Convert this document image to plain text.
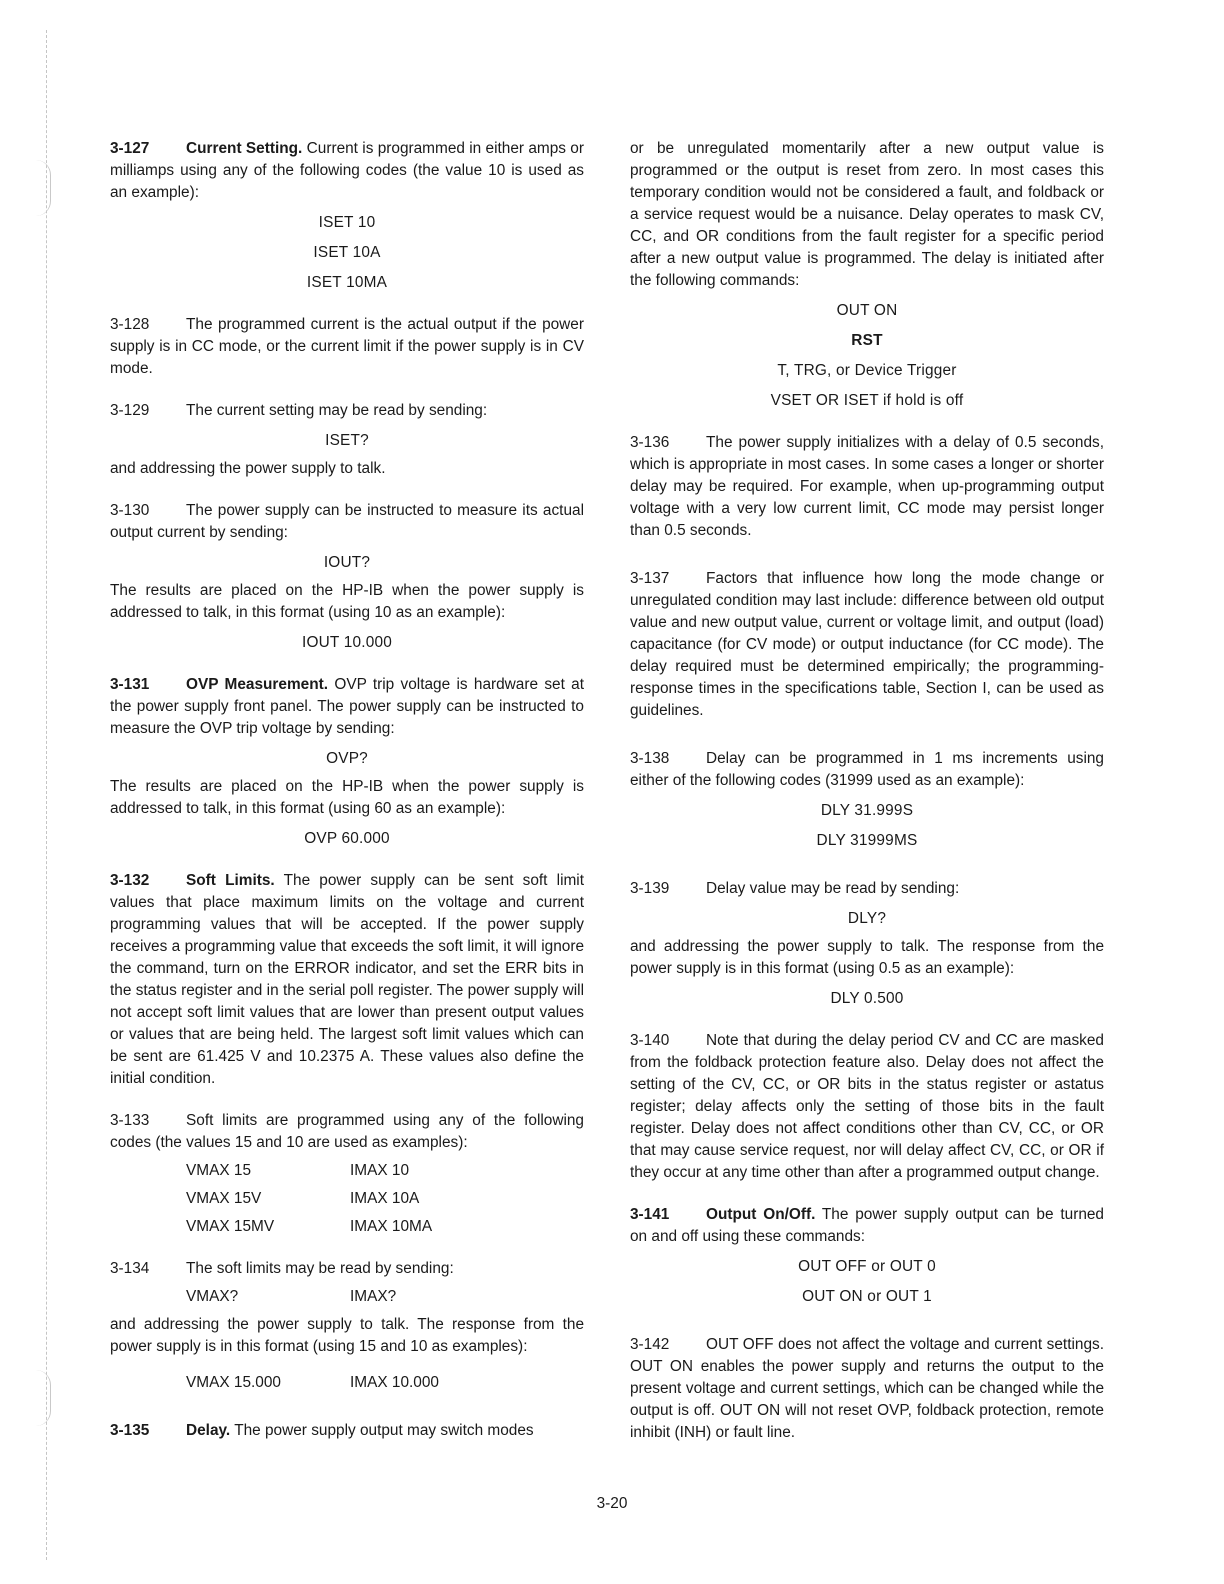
3-127 Current Setting. Current is programmed in either amps or milliamps using any of the following codes (the value 10 is used as an example):

ISET 10

ISET 10A

ISET 10MA

3-128 The programmed current is the actual output if the power supply is in CC mode, or the current limit if the power supply is in CV mode.

3-129 The current setting may be read by sending:

ISET?

and addressing the power supply to talk.

3-130 The power supply can be instructed to measure its actual output current by sending:

IOUT?

The results are placed on the HP-IB when the power supply is addressed to talk, in this format (using 10 as an example):

IOUT 10.000

3-131 OVP Measurement. OVP trip voltage is hardware set at the power supply front panel. The power supply can be instructed to measure the OVP trip voltage by sending:

OVP?

The results are placed on the HP-IB when the power supply is addressed to talk, in this format (using 60 as an example):

OVP 60.000

3-132 Soft Limits. The power supply can be sent soft limit values that place maximum limits on the voltage and current programming values that will be accepted. If the power supply receives a programming value that exceeds the soft limit, it will ignore the command, turn on the ERROR indicator, and set the ERR bits in the status register and in the serial poll register. The power supply will not accept soft limit values that are lower than present output values or values that are being held. The largest soft limit values which can be sent are 61.425 V and 10.2375 A. These values also define the initial condition.

3-133 Soft limits are programmed using any of the following codes (the values 15 and 10 are used as examples):

VMAX 15	IMAX 10
VMAX 15V	IMAX 10A
VMAX 15MV	IMAX 10MA

3-134 The soft limits may be read by sending:

VMAX?	IMAX?

and addressing the power supply to talk. The response from the power supply is in this format (using 15 and 10 as examples):

VMAX 15.000	IMAX 10.000

3-135 Delay. The power supply output may switch modes

or be unregulated momentarily after a new output value is programmed or the output is reset from zero. In most cases this temporary condition would not be considered a fault, and foldback or a service request would be a nuisance. Delay operates to mask CV, CC, and OR conditions from the fault register for a specific period after a new output value is programmed. The delay is initiated after the following commands:

OUT ON

RST

T, TRG, or Device Trigger

VSET OR ISET if hold is off

3-136 The power supply initializes with a delay of 0.5 seconds, which is appropriate in most cases. In some cases a longer or shorter delay may be required. For example, when up-programming output voltage with a very low current limit, CC mode may persist longer than 0.5 seconds.

3-137 Factors that influence how long the mode change or unregulated condition may last include: difference between old output value and new output value, current or voltage limit, and output (load) capacitance (for CV mode) or output inductance (for CC mode). The delay required must be determined empirically; the programming-response times in the specifications table, Section I, can be used as guidelines.

3-138 Delay can be programmed in 1 ms increments using either of the following codes (31999 used as an example):

DLY 31.999S

DLY 31999MS

3-139 Delay value may be read by sending:

DLY?

and addressing the power supply to talk. The response from the power supply is in this format (using 0.5 as an example):

DLY 0.500

3-140 Note that during the delay period CV and CC are masked from the foldback protection feature also. Delay does not affect the setting of the CV, CC, or OR bits in the status register or astatus register; delay affects only the setting of those bits in the fault register. Delay does not affect conditions other than CV, CC, or OR that may cause service request, nor will delay affect CV, CC, or OR if they occur at any time other than after a programmed output change.

3-141 Output On/Off. The power supply output can be turned on and off using these commands:

OUT OFF or OUT 0

OUT ON or OUT 1

3-142 OUT OFF does not affect the voltage and current settings. OUT ON enables the power supply and returns the output to the present voltage and current settings, which can be changed while the output is off. OUT ON will not reset OVP, foldback protection, remote inhibit (INH) or fault line.

3-20
